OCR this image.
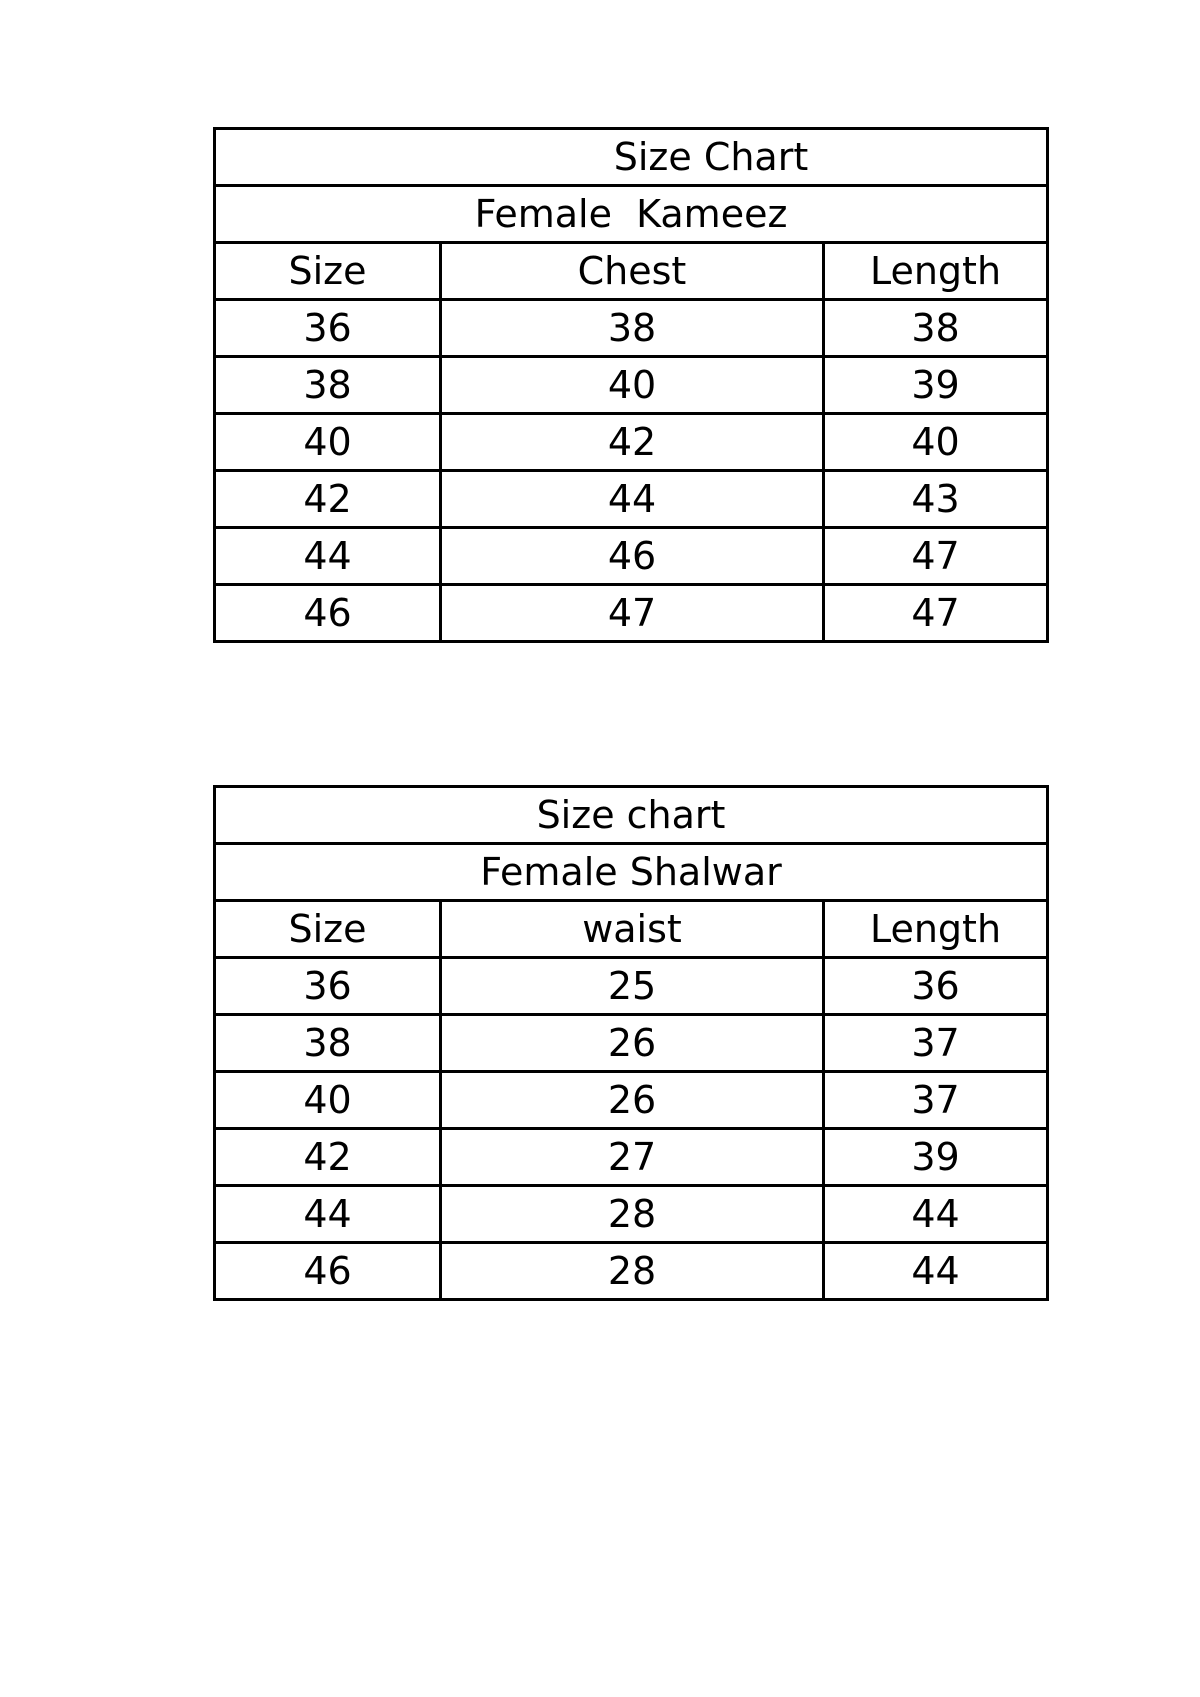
Size Chart		
Female  Kameez		
Size	Chest	Length
36	38	38
38	40	39
40	42	40
42	44	43
44	46	47
46	47	47
Size chart		
Female Shalwar		
Size	waist	Length
36	25	36
38	26	37
40	26	37
42	27	39
44	28	44
46	28	44
